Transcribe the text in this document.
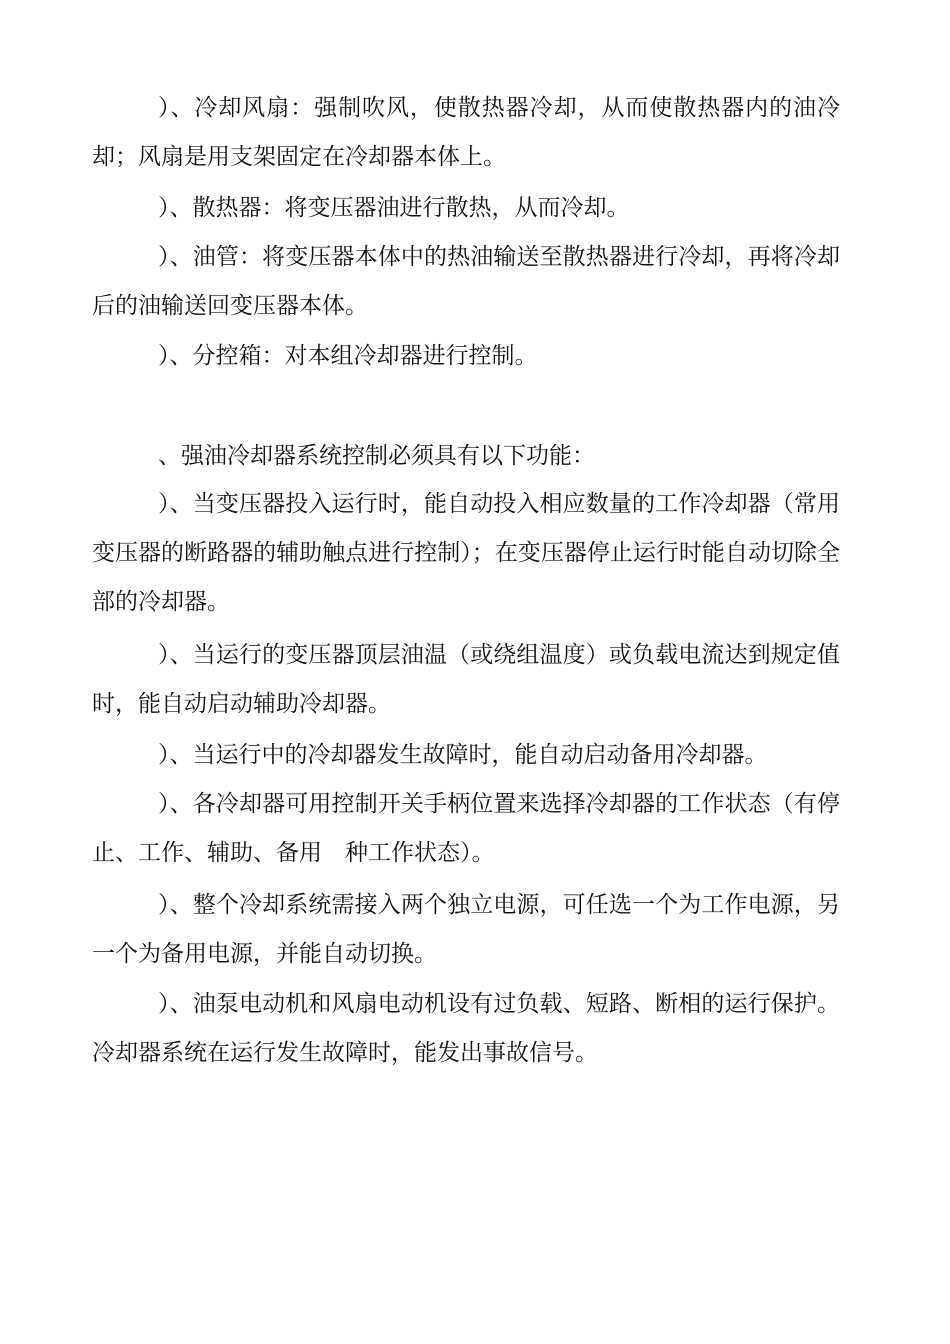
）、冷却风扇：强制吹风，使散热器冷却，从而使散热器内的油冷却；风扇是用支架固定在冷却器本体上。

）、散热器：将变压器油进行散热，从而冷却。

）、油管：将变压器本体中的热油输送至散热器进行冷却，再将冷却后的油输送回变压器本体。

）、分控箱：对本组冷却器进行控制。

、强油冷却器系统控制必须具有以下功能：

）、当变压器投入运行时，能自动投入相应数量的工作冷却器（常用变压器的断路器的辅助触点进行控制）；在变压器停止运行时能自动切除全部的冷却器。

）、当运行的变压器顶层油温（或绕组温度）或负载电流达到规定值时，能自动启动辅助冷却器。

）、当运行中的冷却器发生故障时，能自动启动备用冷却器。

）、各冷却器可用控制开关手柄位置来选择冷却器的工作状态（有停止、工作、辅助、备用　种工作状态）。

）、整个冷却系统需接入两个独立电源，可任选一个为工作电源，另一个为备用电源，并能自动切换。

）、油泵电动机和风扇电动机设有过负载、短路、断相的运行保护。冷却器系统在运行发生故障时，能发出事故信号。
